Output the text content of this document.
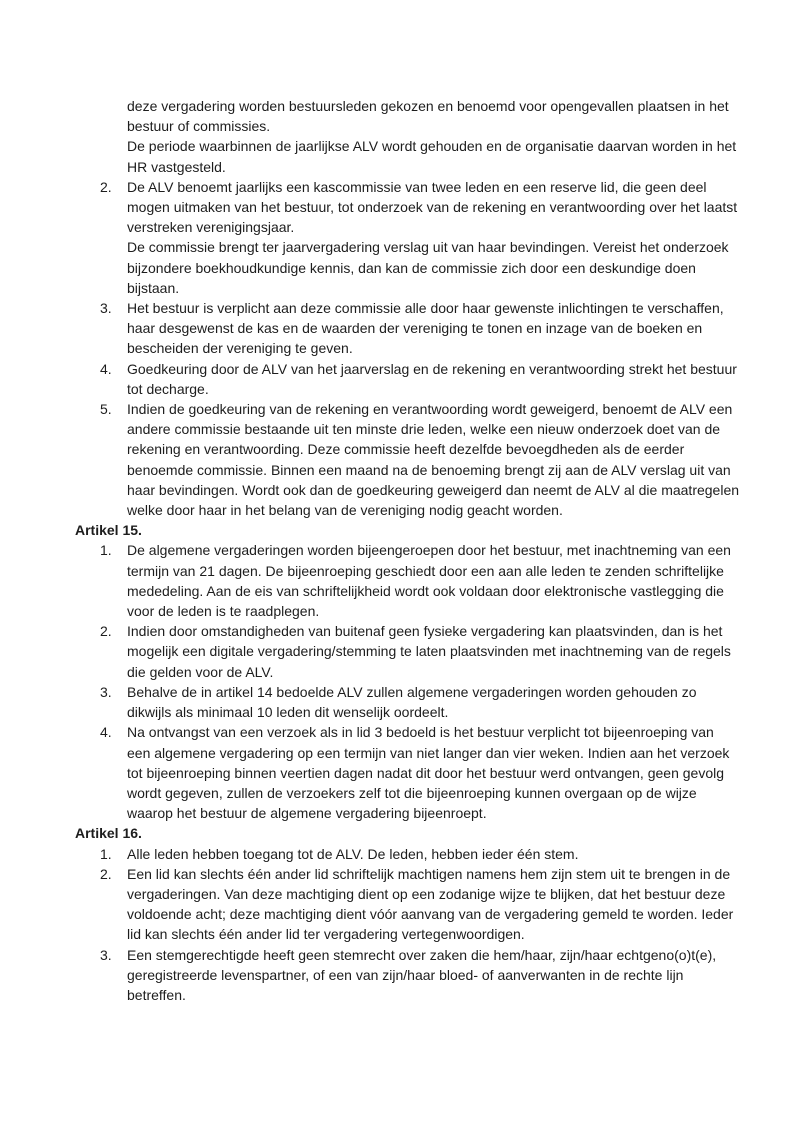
deze vergadering worden bestuursleden gekozen en benoemd voor opengevallen plaatsen in het bestuur of commissies.

De periode waarbinnen de jaarlijkse ALV wordt gehouden en de organisatie daarvan worden in het HR vastgesteld.

2.	De ALV benoemt jaarlijks een kascommissie van twee leden en een reserve lid, die geen deel mogen uitmaken van het bestuur, tot onderzoek van de rekening en verantwoording over het laatst verstreken verenigingsjaar.

De commissie brengt ter jaarvergadering verslag uit van haar bevindingen. Vereist het onderzoek bijzondere boekhoudkundige kennis, dan kan de commissie zich door een deskundige doen bijstaan.

3.	Het bestuur is verplicht aan deze commissie alle door haar gewenste inlichtingen te verschaffen, haar desgewenst de kas en de waarden der vereniging te tonen en inzage van de boeken en bescheiden der vereniging te geven.

4.	Goedkeuring door de ALV van het jaarverslag en de rekening en verantwoording strekt het bestuur tot decharge.

5.	Indien de goedkeuring van de rekening en verantwoording wordt geweigerd, benoemt de ALV een andere commissie bestaande uit ten minste drie leden, welke een nieuw onderzoek doet van de rekening en verantwoording. Deze commissie heeft dezelfde bevoegdheden als de eerder benoemde commissie. Binnen een maand na de benoeming brengt zij aan de ALV verslag uit van haar bevindingen. Wordt ook dan de goedkeuring geweigerd dan neemt de ALV al die maatregelen welke door haar in het belang van de vereniging nodig geacht worden.

Artikel 15.

1.	De algemene vergaderingen worden bijeengeroepen door het bestuur, met inachtneming van een termijn van 21 dagen. De bijeenroeping geschiedt door een aan alle leden te zenden schriftelijke mededeling. Aan de eis van schriftelijkheid wordt ook voldaan door elektronische vastlegging die voor de leden is te raadplegen.

2.	Indien door omstandigheden van buitenaf geen fysieke vergadering kan plaatsvinden, dan is het mogelijk een digitale vergadering/stemming te laten plaatsvinden met inachtneming van de regels die gelden voor de ALV.

3.	Behalve de in artikel 14 bedoelde ALV zullen algemene vergaderingen worden gehouden zo dikwijls als minimaal 10 leden dit wenselijk oordeelt.

4.	Na ontvangst van een verzoek als in lid 3 bedoeld is het bestuur verplicht tot bijeenroeping van een algemene vergadering op een termijn van niet langer dan vier weken. Indien aan het verzoek tot bijeenroeping binnen veertien dagen nadat dit door het bestuur werd ontvangen, geen gevolg wordt gegeven, zullen de verzoekers zelf tot die bijeenroeping kunnen overgaan op de wijze waarop het bestuur de algemene vergadering bijeenroept.

Artikel 16.

1.	Alle leden hebben toegang tot de ALV. De leden, hebben ieder één stem.

2.	Een lid kan slechts één ander lid schriftelijk machtigen namens hem zijn stem uit te brengen in de vergaderingen. Van deze machtiging dient op een zodanige wijze te blijken, dat het bestuur deze voldoende acht; deze machtiging dient vóór aanvang van de vergadering gemeld te worden. Ieder lid kan slechts één ander lid ter vergadering vertegenwoordigen.

3.	Een stemgerechtigde heeft geen stemrecht over zaken die hem/haar, zijn/haar echtgeno(o)t(e), geregistreerde levenspartner, of een van zijn/haar bloed- of aanverwanten in de rechte lijn betreffen.
